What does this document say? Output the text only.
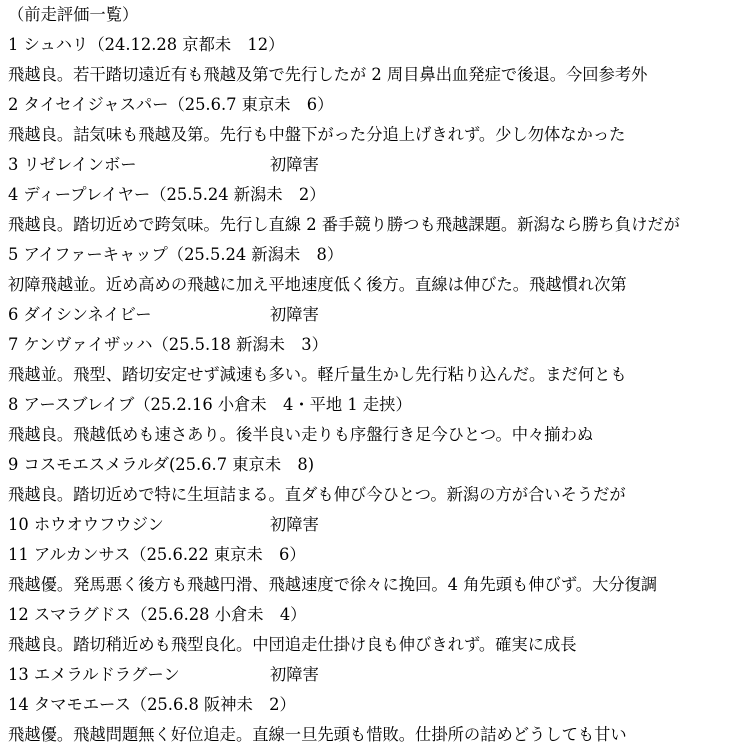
（前走評価一覧）
1 シュハリ （24.12.28 京都未　12）
飛越良。若干踏切遠近有も飛越及第で先行したが 2 周目鼻出血発症で後退。今回参考外
2 タイセイジャスパー （25.6.7 東京未　6）
飛越良。詰気味も飛越及第。先行も中盤下がった分追上げきれず。少し勿体なかった
3 リゼレインボー	初障害
4 ディープレイヤー （25.5.24 新潟未　2）
飛越良。踏切近めで跨気味。先行し直線 2 番手競り勝つも飛越課題。新潟なら勝ち負けだが
5 アイファーキャップ （25.5.24 新潟未　8）
初障飛越並。近め高めの飛越に加え平地速度低く後方。直線は伸びた。飛越慣れ次第
6 ダイシンネイビー	初障害
7 ケンヴァイザッハ （25.5.18 新潟未　3）
飛越並。飛型、踏切安定せず減速も多い。軽斤量生かし先行粘り込んだ。まだ何とも
8 アースブレイブ （25.2.16 小倉未　4・平地 1 走挟）
飛越良。飛越低めも速さあり。後半良い走りも序盤行き足今ひとつ。中々揃わぬ
9 コスモエスメラルダ (25.6.7 東京未　8)
飛越良。踏切近めで特に生垣詰まる。直ダも伸び今ひとつ。新潟の方が合いそうだが
10 ホウオウフウジン	初障害
11 アルカンサス （25.6.22 東京未　6）
飛越優。発馬悪く後方も飛越円滑、飛越速度で徐々に挽回。4 角先頭も伸びず。大分復調
12 スマラグドス （25.6.28 小倉未　4）
飛越良。踏切稍近めも飛型良化。中団追走仕掛け良も伸びきれず。確実に成長
13 エメラルドラグーン	初障害
14 タマモエース （25.6.8 阪神未　2）
飛越優。飛越問題無く好位追走。直線一旦先頭も惜敗。仕掛所の詰めどうしても甘い
